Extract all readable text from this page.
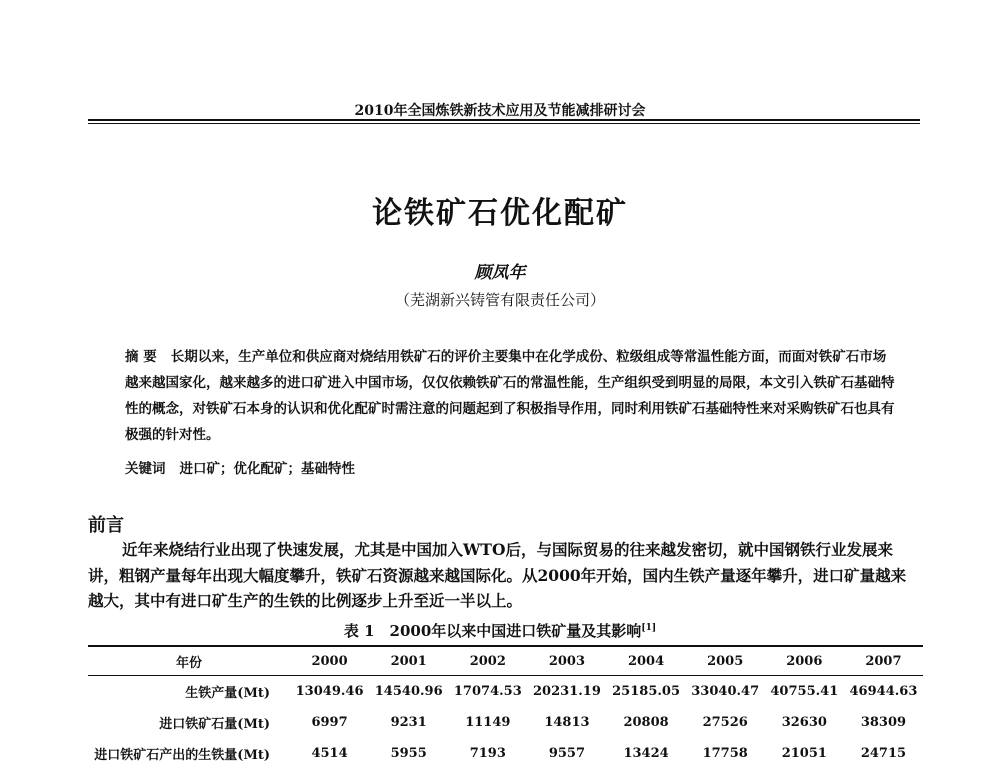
2010年全国炼铁新技术应用及节能减排研讨会
论铁矿石优化配矿
顾凤年
（芜湖新兴铸管有限责任公司）
摘 要 长期以来，生产单位和供应商对烧结用铁矿石的评价主要集中在化学成份、粒级组成等常温性能方面，而面对铁矿石市场越来越国家化，越来越多的进口矿进入中国市场，仅仅依赖铁矿石的常温性能，生产组织受到明显的局限，本文引入铁矿石基础特性的概念，对铁矿石本身的认识和优化配矿时需注意的问题起到了积极指导作用，同时利用铁矿石基础特性来对采购铁矿石也具有极强的针对性。
关键词 进口矿；优化配矿；基础特性
前言
近年来烧结行业出现了快速发展，尤其是中国加入WTO后，与国际贸易的往来越发密切，就中国钢铁行业发展来讲，粗钢产量每年出现大幅度攀升，铁矿石资源越来越国际化。从2000年开始，国内生铁产量逐年攀升，进口矿量越来越大，其中有进口矿生产的生铁的比例逐步上升至近一半以上。
表 1　2000年以来中国进口铁矿量及其影响[1]
年份	2000	2001	2002	2003	2004	2005	2006	2007
生铁产量(Mt)	13049.46	14540.96	17074.53	20231.19	25185.05	33040.47	40755.41	46944.63
进口铁矿石量(Mt)	6997	9231	11149	14813	20808	27526	32630	38309
进口铁矿石产出的生铁量(Mt)	4514	5955	7193	9557	13424	17758	21051	24715
